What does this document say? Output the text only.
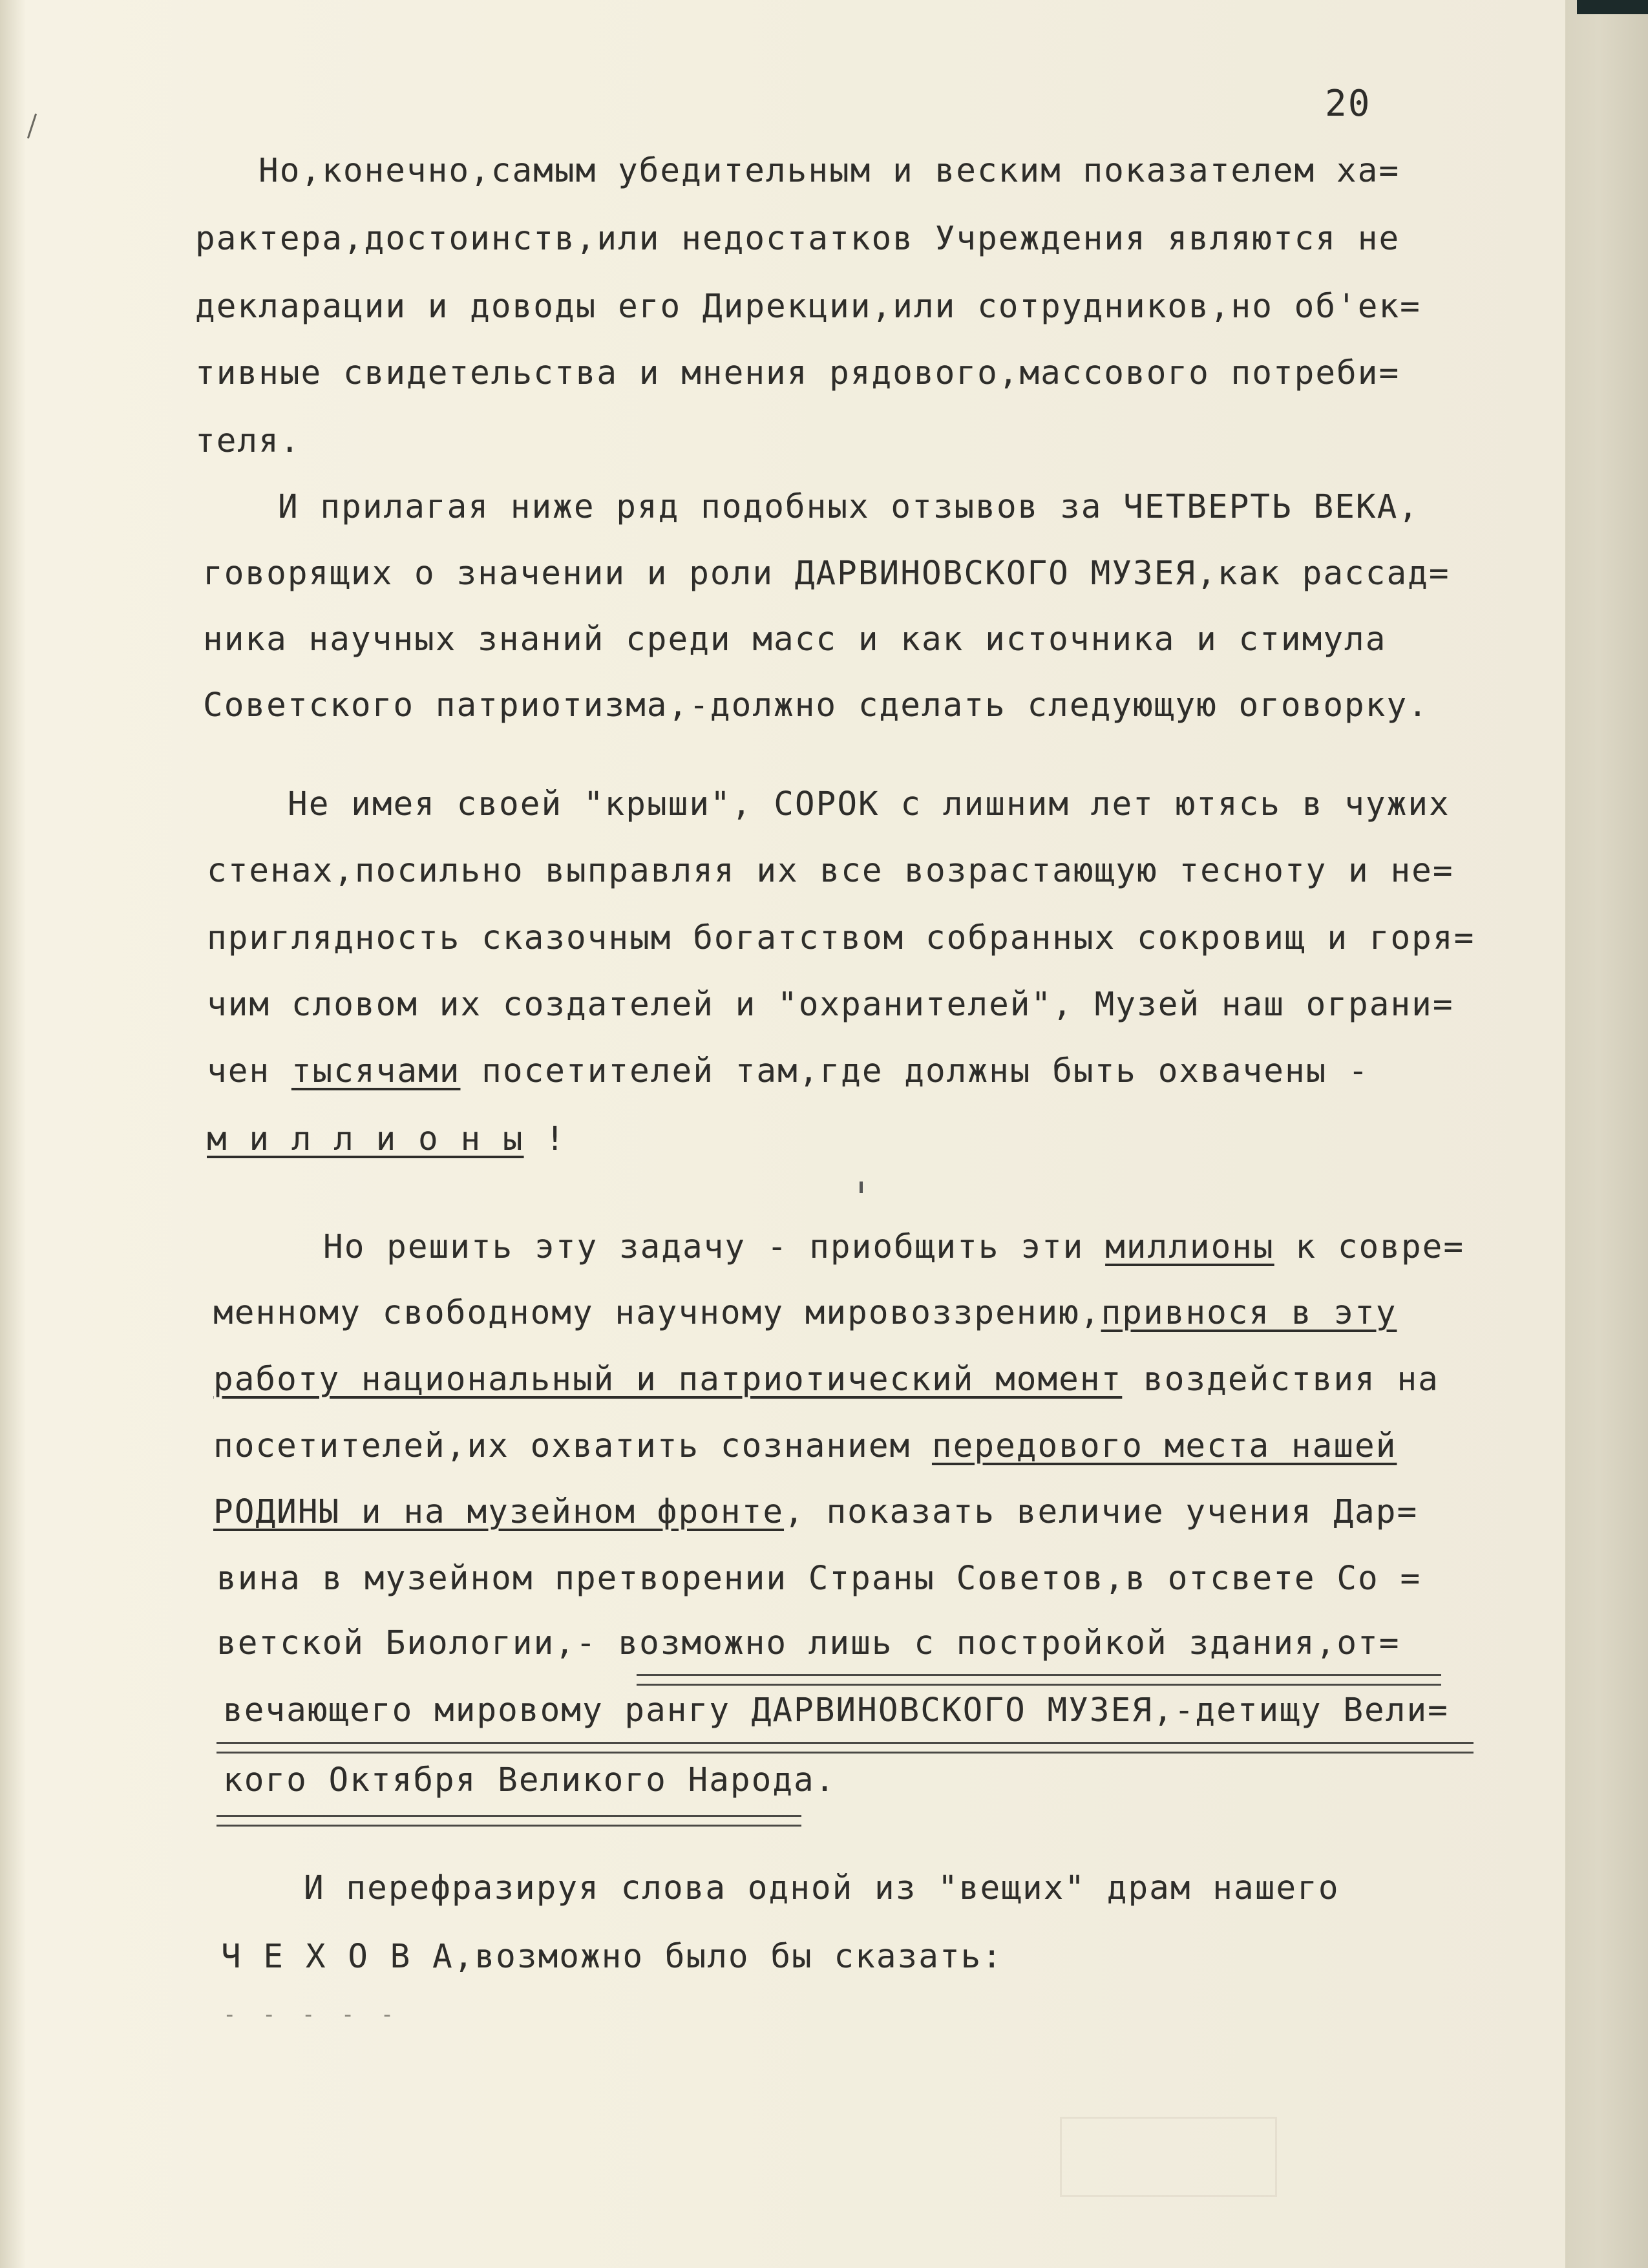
20

Но,конечно,самым убедительным и веским показателем ха=

рактера,достоинств,или недостатков Учреждения являются не

декларации и доводы его Дирекции,или сотрудников,но об'ек=

тивные свидетельства и мнения рядового,массового потреби=

теля.

И прилагая ниже ряд подобных отзывов за ЧЕТВЕРТЬ ВЕКА,

говорящих о значении и роли ДАРВИНОВСКОГО МУЗЕЯ,как рассад=

ника научных знаний среди масс и как источника и стимула

Советского патриотизма,-должно сделать следующую оговорку.

Не имея своей "крыши", СОРОК с лишним лет ютясь в чужих

стенах,посильно выправляя их все возрастающую тесноту и не=

приглядность сказочным богатством собранных сокровищ и горя=

чим словом их создателей и "охранителей", Музей наш ограни=

чен тысячами посетителей там,где должны быть охвачены -

м и л л и о н ы !

Но решить эту задачу - приобщить эти миллионы к совре=

менному свободному научному мировоззрению,привнося в эту

работу национальный и патриотический момент воздействия на

посетителей,их охватить сознанием передового места нашей

РОДИНЫ и на музейном фронте, показать величие учения Дар=

вина в музейном претворении Страны Советов,в отсвете Со =

ветской Биологии,- возможно лишь с постройкой здания,от=

вечающего мировому рангу ДАРВИНОВСКОГО МУЗЕЯ,-детищу Вели=

кого Октября Великого Народа.

И перефразируя слова одной из "вещих" драм нашего

Ч Е Х О В А,возможно было бы сказать:

- - - - -
